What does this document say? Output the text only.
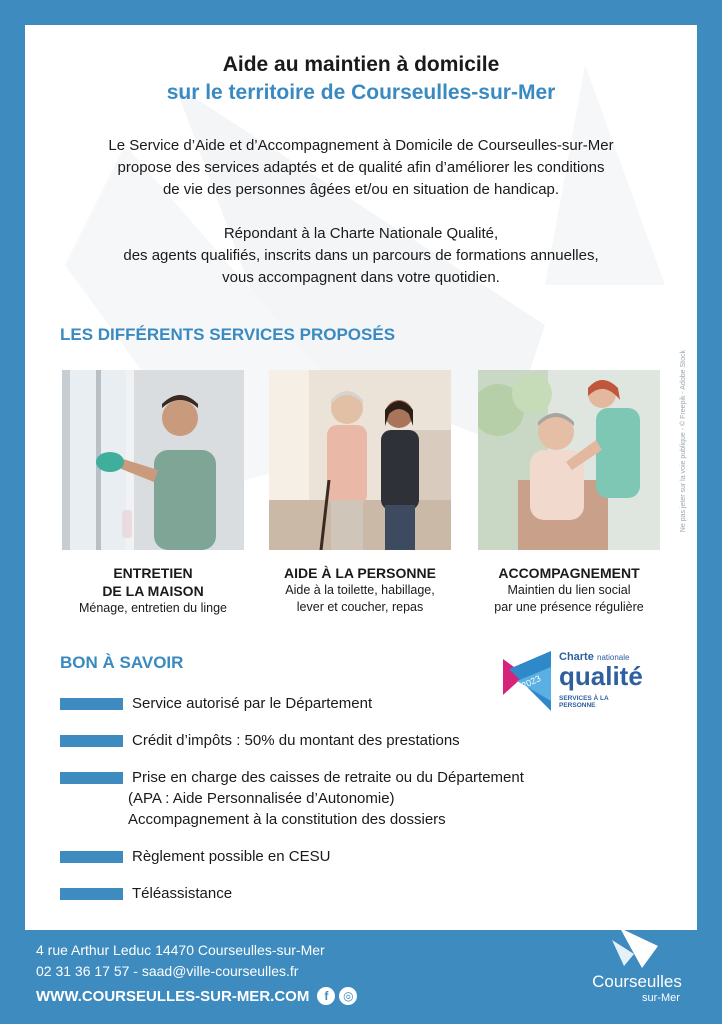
Aide au maintien à domicile
sur le territoire de Courseulles-sur-Mer

Le Service d’Aide et d’Accompagnement à Domicile de Courseulles-sur-Mer
propose des services adaptés et de qualité afin d’améliorer les conditions
de vie des personnes âgées et/ou en situation de handicap.

Répondant à la Charte Nationale Qualité,
des agents qualifiés, inscrits dans un parcours de formations annuelles,
vous accompagnent dans votre quotidien.

LES DIFFÉRENTS SERVICES PROPOSÉS
ENTRETIEN
DE LA MAISON
Ménage, entretien du linge
AIDE À LA PERSONNE
Aide à la toilette, habillage,
lever et coucher, repas
ACCOMPAGNEMENT
Maintien du lien social
par une présence régulière
BON À SAVOIR
2023
Charte nationale
qualité
SERVICES À LA PERSONNE
Service autorisé par le Département
Crédit d’impôts : 50% du montant des prestations
Prise en charge des caisses de retraite ou du Département
(APA : Aide Personnalisée d’Autonomie)
Accompagnement à la constitution des dossiers
Règlement possible en CESU
Téléassistance
Ne pas jeter sur la voie publique - © Freepik - Adobe Stock
4 rue Arthur Leduc 14470 Courseulles-sur-Mer
02 31 36 17 57 - saad@ville-courseulles.fr
WWW.COURSEULLES-SUR-MER.COM	f	◎
Courseulles
sur-Mer
